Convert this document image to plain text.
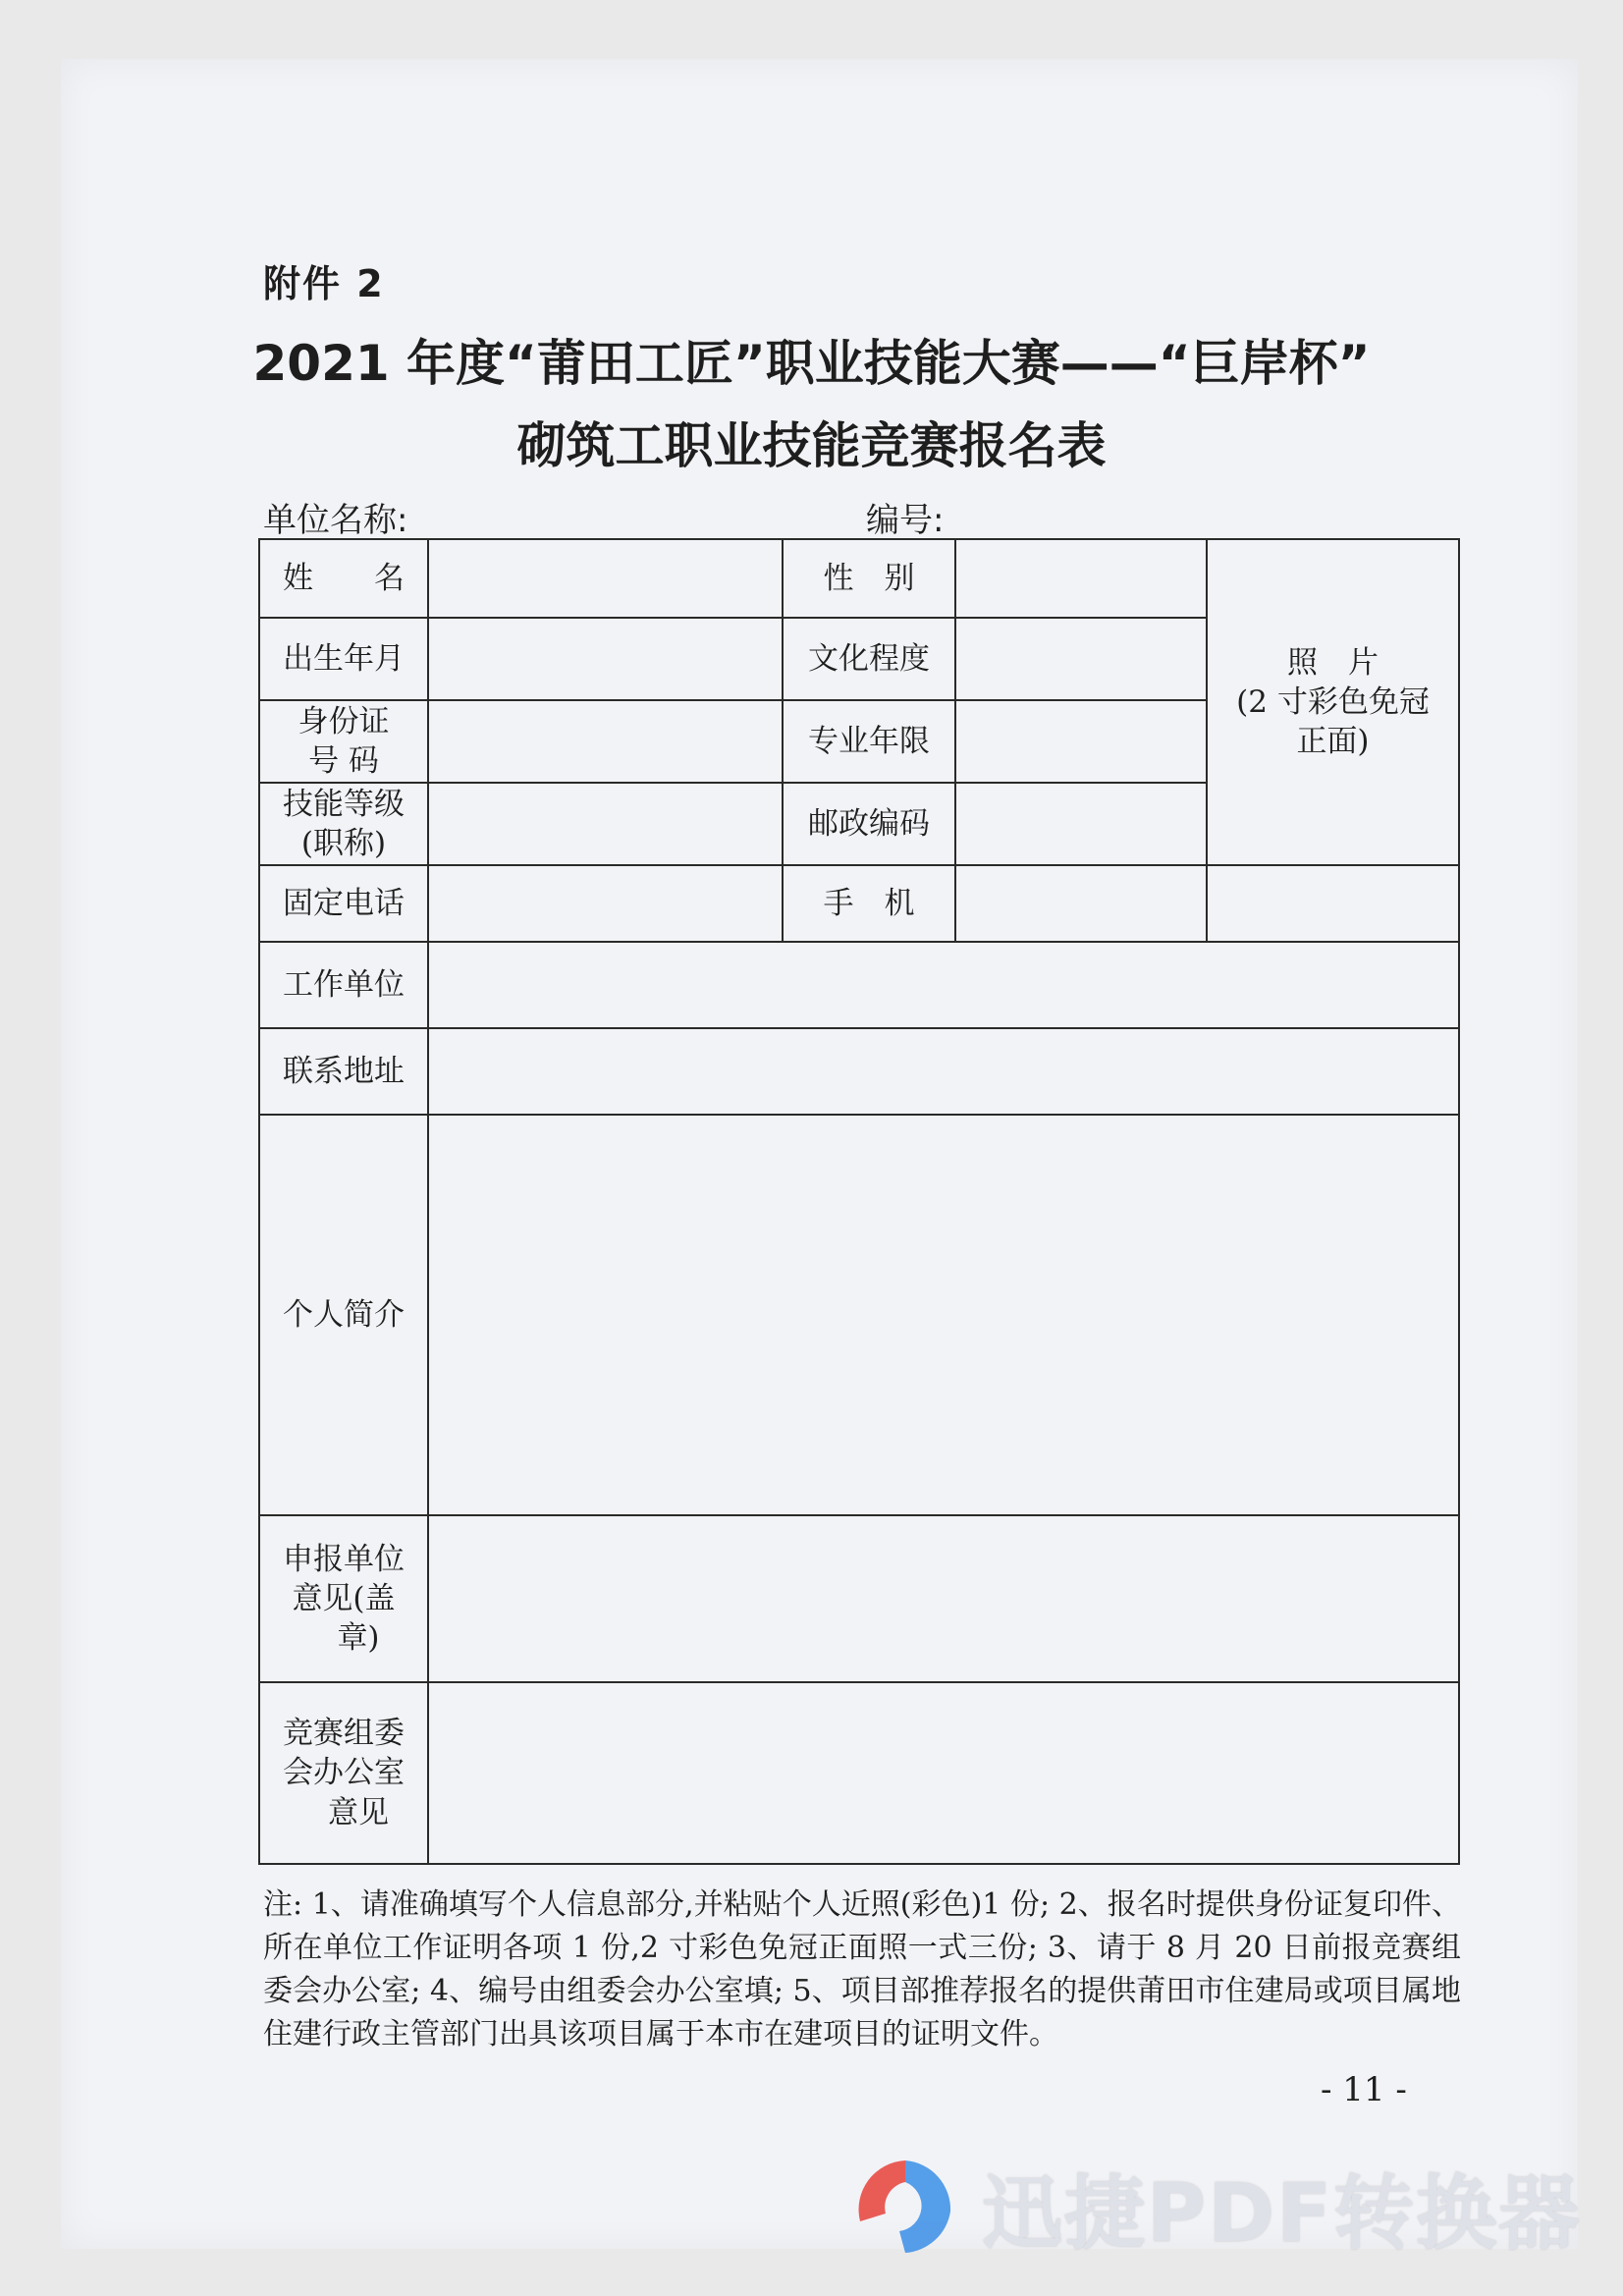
附件 2
2021 年度“莆田工匠”职业技能大赛——“巨岸杯”
砌筑工职业技能竞赛报名表
单位名称:	编号:
姓　　名		性　别		照　片
(2 寸彩色免冠
正面)

出生年月		文化程度		

身份证
号 码		专业年限		

技能等级
(职称)		邮政编码		
固定电话		手　机		
工作单位				
联系地址				
个人简介				

申报单位
意见(盖
章)				

竞赛组委
会办公室
意见				

注: 1、请准确填写个人信息部分,并粘贴个人近照(彩色)1 份; 2、报名时提供身份证复印件、所在单位工作证明各项 1 份,2 寸彩色免冠正面照一式三份; 3、请于 8 月 20 日前报竞赛组委会办公室; 4、编号由组委会办公室填; 5、项目部推荐报名的提供莆田市住建局或项目属地住建行政主管部门出具该项目属于本市在建项目的证明文件。
- 11 -
迅捷PDF转换器
